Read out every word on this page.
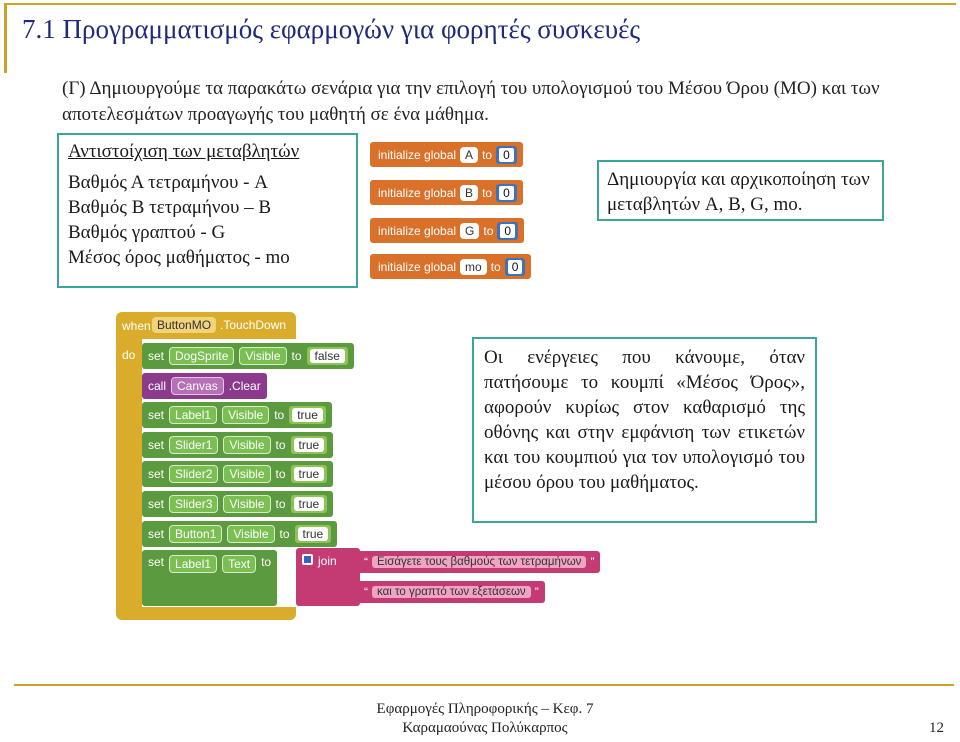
7.1 Προγραμματισμός εφαρμογών για φορητές συσκευές
(Γ) Δημιουργούμε τα παρακάτω σενάρια για την επιλογή του υπολογισμού του Μέσου Όρου (ΜΟ) και των αποτελεσμάτων προαγωγής του μαθητή σε ένα μάθημα.
Αντιστοίχιση των μεταβλητών
Βαθμός Α τετραμήνου - A
Βαθμός Β τετραμήνου – B
Βαθμός γραπτού - G
Μέσος όρος μαθήματος - mo
initialize global A to 0
initialize global B to 0
initialize global G to 0
initialize global mo to 0
Δημιουργία και αρχικοποίηση των μεταβλητών A, B, G, mo.
when
do
ButtonMO .TouchDown
set DogSprite	Visible to	false
call Canvas .Clear
set Label1	Visible to	true
set Slider1	Visible to	true
set Slider2	Visible to	true
set Slider3	Visible to	true
set Button1	Visible to	true
set Label1	Text to	join “ Εισάγετε τους βαθμούς των τετραμήνων ”
“ και το γραπτό των εξετάσεων ”
Οι ενέργειες που κάνουμε, όταν πατήσουμε το κουμπί «Μέσος Όρος», αφορούν κυρίως στον καθαρισμό της οθόνης και στην εμφάνιση των ετικετών και του κουμπιού για τον υπολογισμό του μέσου όρου του μαθήματος.
Εφαρμογές Πληροφορικής – Κεφ. 7
Καραμαούνας Πολύκαρπος	12
